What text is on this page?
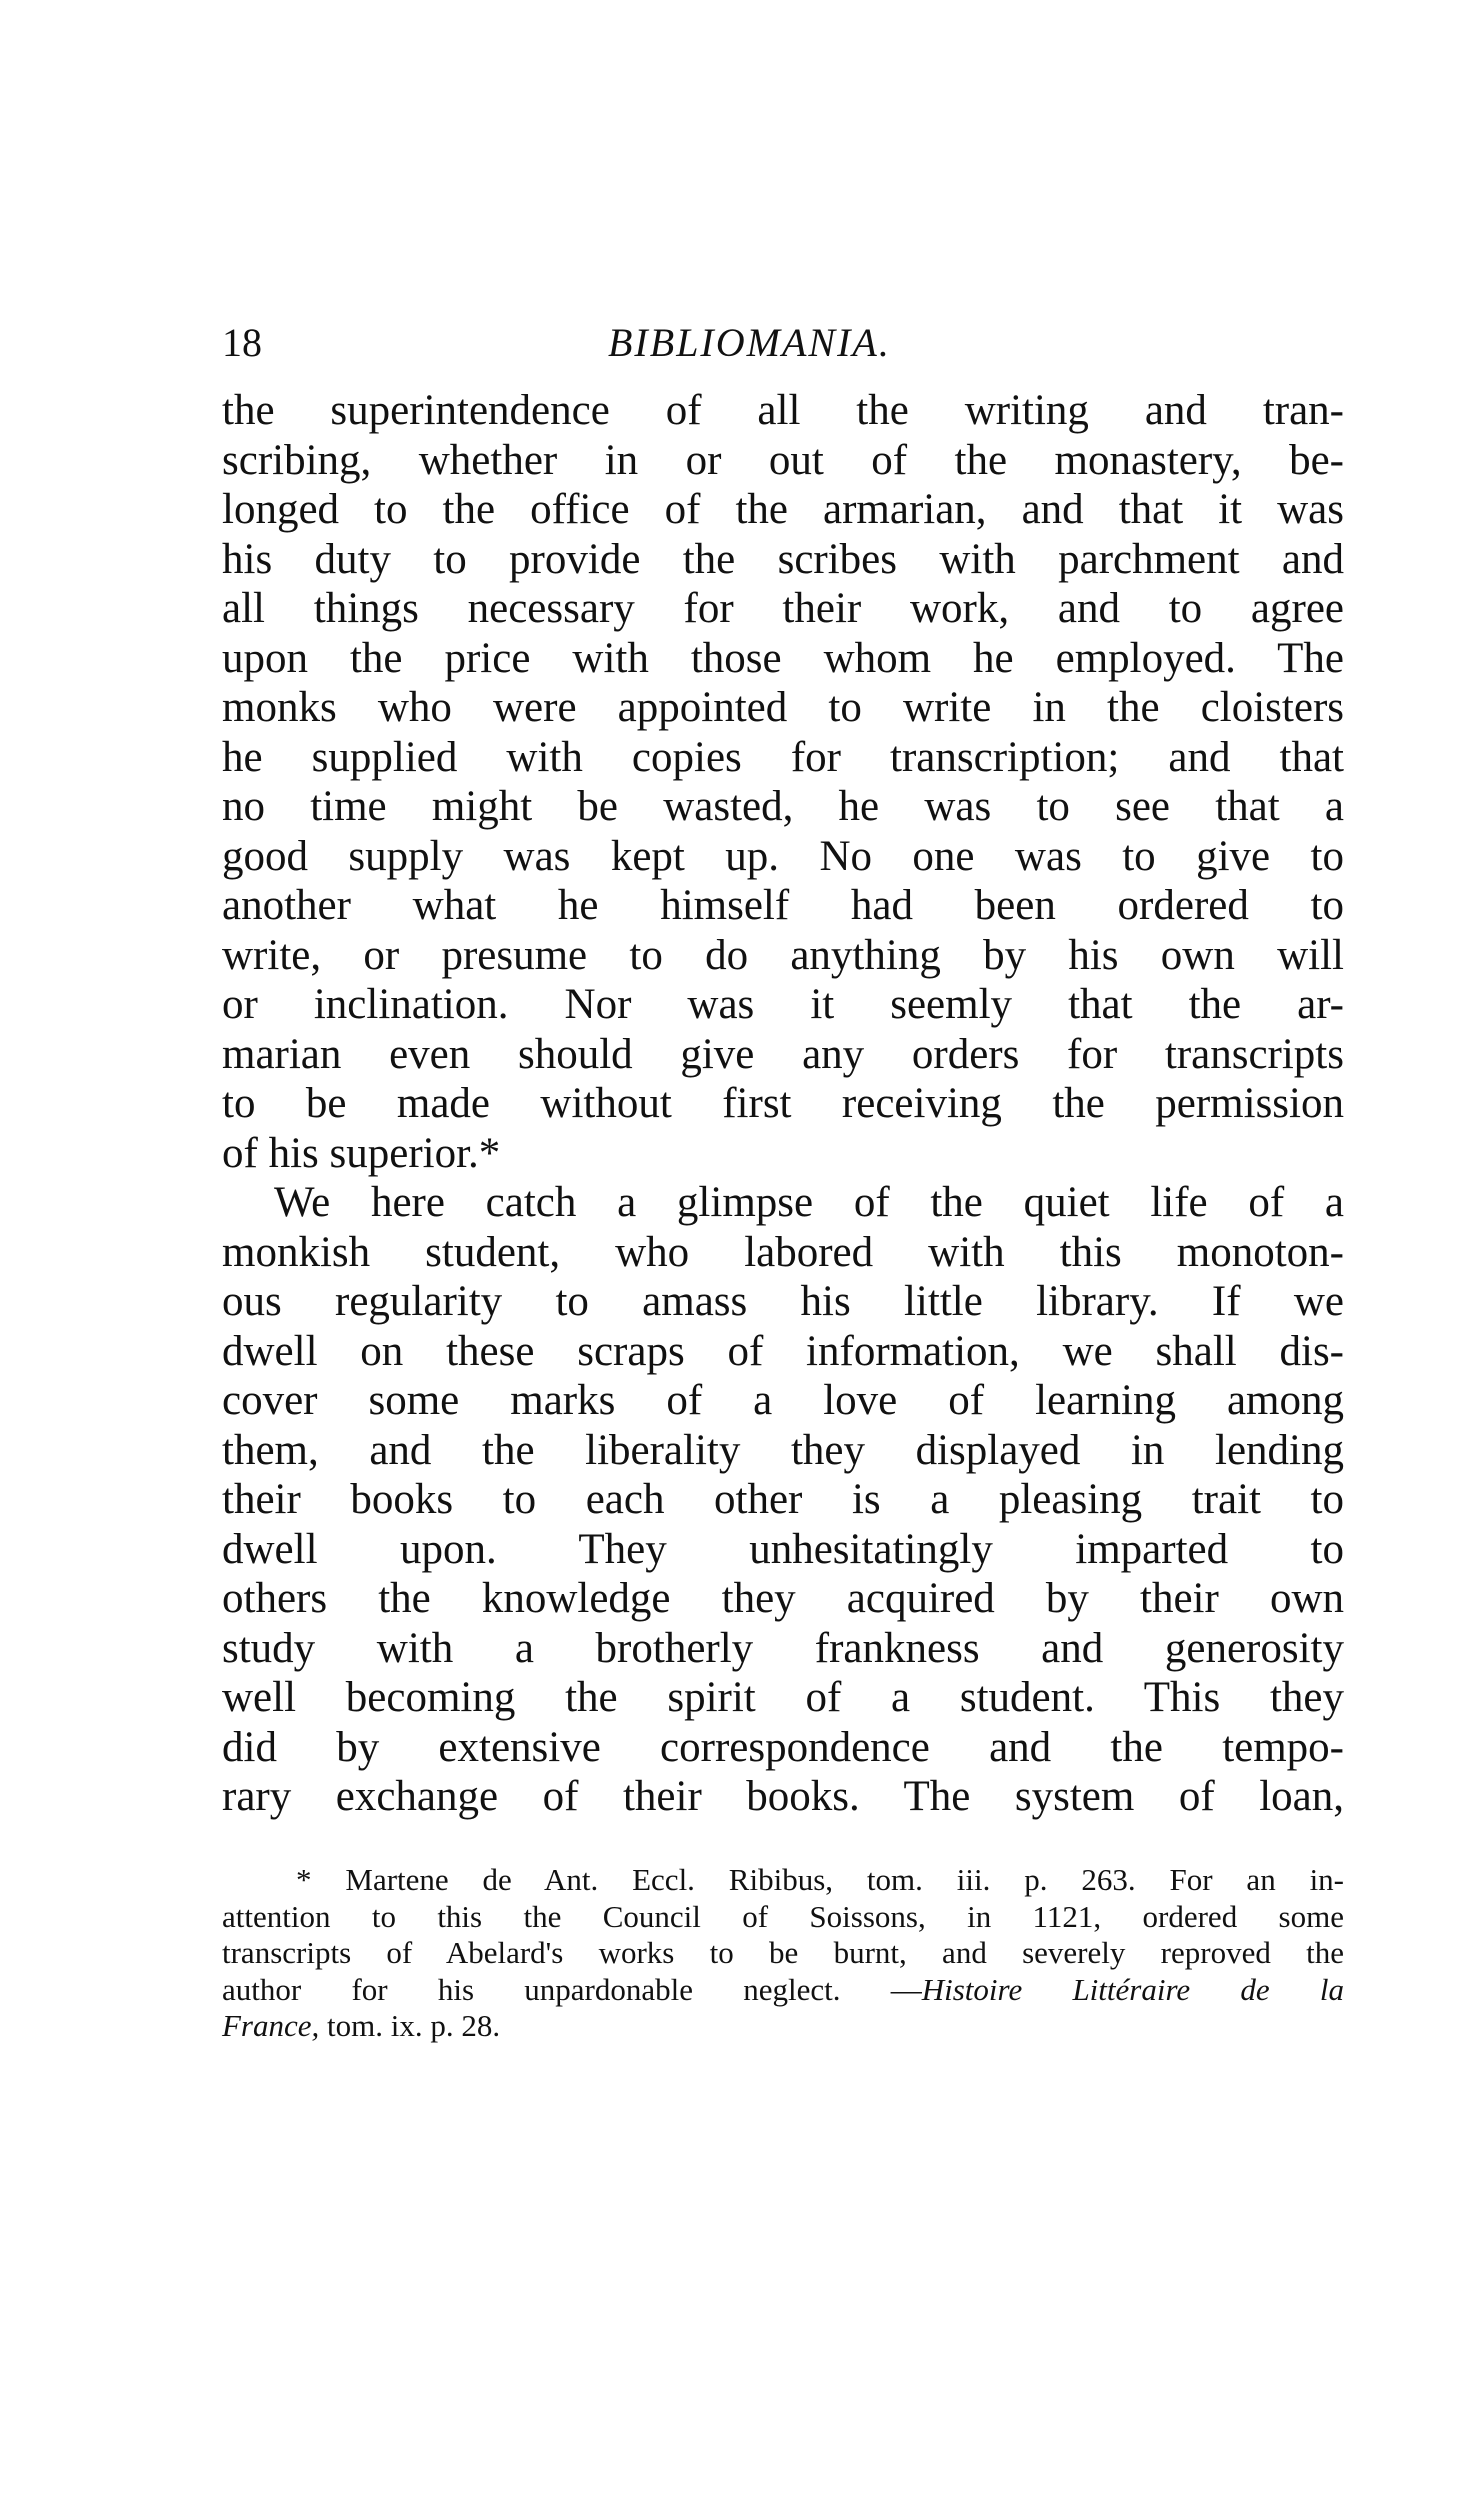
18	BIBLIOMANIA.
the superintendence of all the writing and tran-
scribing, whether in or out of the monastery, be-
longed to the office of the armarian, and that it was
his duty to provide the scribes with parchment and
all things necessary for their work, and to agree
upon the price with those whom he employed. The
monks who were appointed to write in the cloisters
he supplied with copies for transcription; and that
no time might be wasted, he was to see that a
good supply was kept up. No one was to give to
another what he himself had been ordered to
write, or presume to do anything by his own will
or inclination. Nor was it seemly that the ar-
marian even should give any orders for transcripts
to be made without first receiving the permission
of his superior.*
We here catch a glimpse of the quiet life of a
monkish student, who labored with this monoton-
ous regularity to amass his little library. If we
dwell on these scraps of information, we shall dis-
cover some marks of a love of learning among
them, and the liberality they displayed in lending
their books to each other is a pleasing trait to
dwell upon. They unhesitatingly imparted to
others the knowledge they acquired by their own
study with a brotherly frankness and generosity
well becoming the spirit of a student. This they
did by extensive correspondence and the tempo-
rary exchange of their books. The system of loan,
* Martene de Ant. Eccl. Ribibus, tom. iii. p. 263. For an in-
attention to this the Council of Soissons, in 1121, ordered some
transcripts of Abelard's works to be burnt, and severely reproved the
author for his unpardonable neglect. —Histoire Littéraire de la
France, tom. ix. p. 28.
